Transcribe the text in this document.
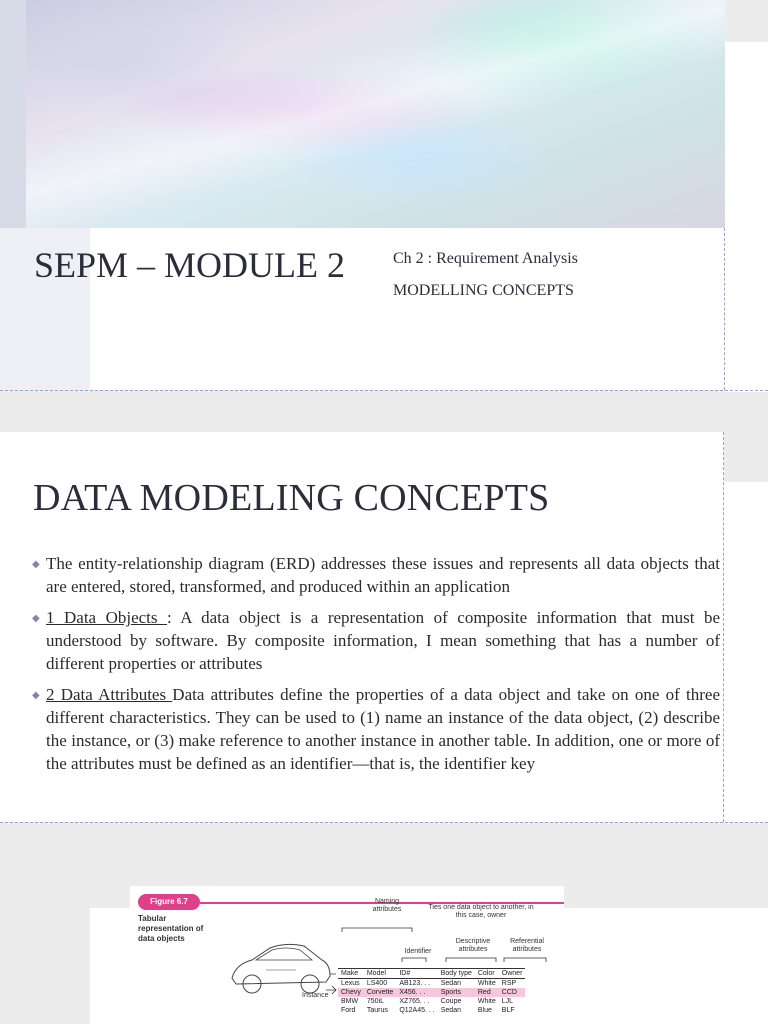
SEPM – MODULE 2	Ch 2 : Requirement Analysis
MODELLING CONCEPTS
DATA MODELING CONCEPTS
◆ The entity-relationship diagram (ERD) addresses these issues and represents all data objects that are entered, stored, transformed, and produced within an application
◆ 1 Data Objects : A data object is a representation of composite information that must be understood by software. By composite information, I mean something that has a number of different properties or attributes
◆ 2 Data Attributes Data attributes define the properties of a data object and take on one of three different characteristics. They can be used to (1) name an instance of the data object, (2) describe the instance, or (3) make reference to another instance in another table. In addition, one or more of the attributes must be defined as an identifier—that is, the identifier key
Figure 6.7
Tabular representation of data objects
Naming attributes	Ties one data object to another, in this case, owner
Identifier
Descriptive attributes
Referential attributes
Make	Model	ID#	Body type	Color	Owner
Lexus	LS400	AB123. . .	Sedan	White	RSP
Chevy	Corvette	X456. . .	Sports	Red	CCD
BMW	750iL	XZ765. . .	Coupe	White	LJL
Ford	Taurus	Q12A45. . .	Sedan	Blue	BLF
Instance
